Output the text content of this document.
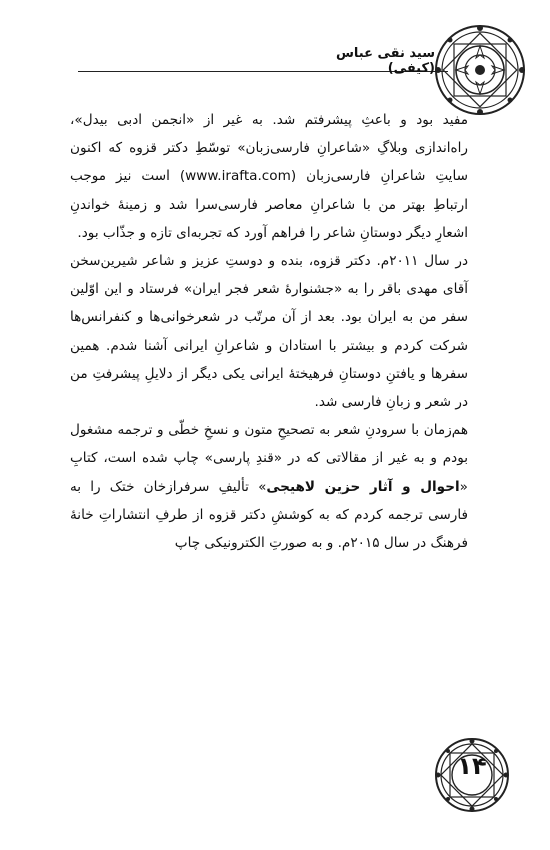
سید نقی عباس (کیفی)

مفید بود و باعثِ پیشرفتم شد. به غیر از «انجمن ادبی بیدل»، راه‌اندازی وبلاگِ «شاعرانِ فارسی‌زبان» توسّطِ دکتر قزوه که اکنون سایتِ شاعرانِ فارسی‌زبان (www.irafta.com) است نیز موجب ارتباطِ بهتر من با شاعرانِ معاصر فارسی‌سرا شد و زمینهٔ خواندنِ اشعارِ دیگر دوستانِ شاعر را فراهم آورد که تجربه‌ای تازه و جذّاب بود.

در سال ۲۰۱۱م. دکتر قزوه، بنده و دوستِ عزیز و شاعر شیرین‌سخن آقای مهدی باقر را به «جشنوارهٔ شعر فجر ایران» فرستاد و این اوّلین سفر من به ایران بود. بعد از آن مرتّب در شعرخوانی‌ها و کنفرانس‌ها شرکت کردم و بیشتر با استادان و شاعرانِ ایرانی آشنا شدم. همین سفرها و یافتنِ دوستانِ فرهیختهٔ ایرانی یکی دیگر از دلایلِ پیشرفتِ من در شعر و زبانِ فارسی شد.

هم‌زمان با سرودنِ شعر به تصحیحِ متون و نسخِ خطّی و ترجمه مشغول بودم و به غیر از مقالاتی که در «قندِ پارسی» چاپ شده است، کتابِ «احوال و آثار حزین لاهیجی» تألیفِ سرفرازخان ختک را به فارسی ترجمه کردم که به کوششِ دکتر قزوه از طرفِ انتشاراتِ خانهٔ فرهنگ در سال ۲۰۱۵م. و به صورتِ الکترونیکی چاپ

۱۴
